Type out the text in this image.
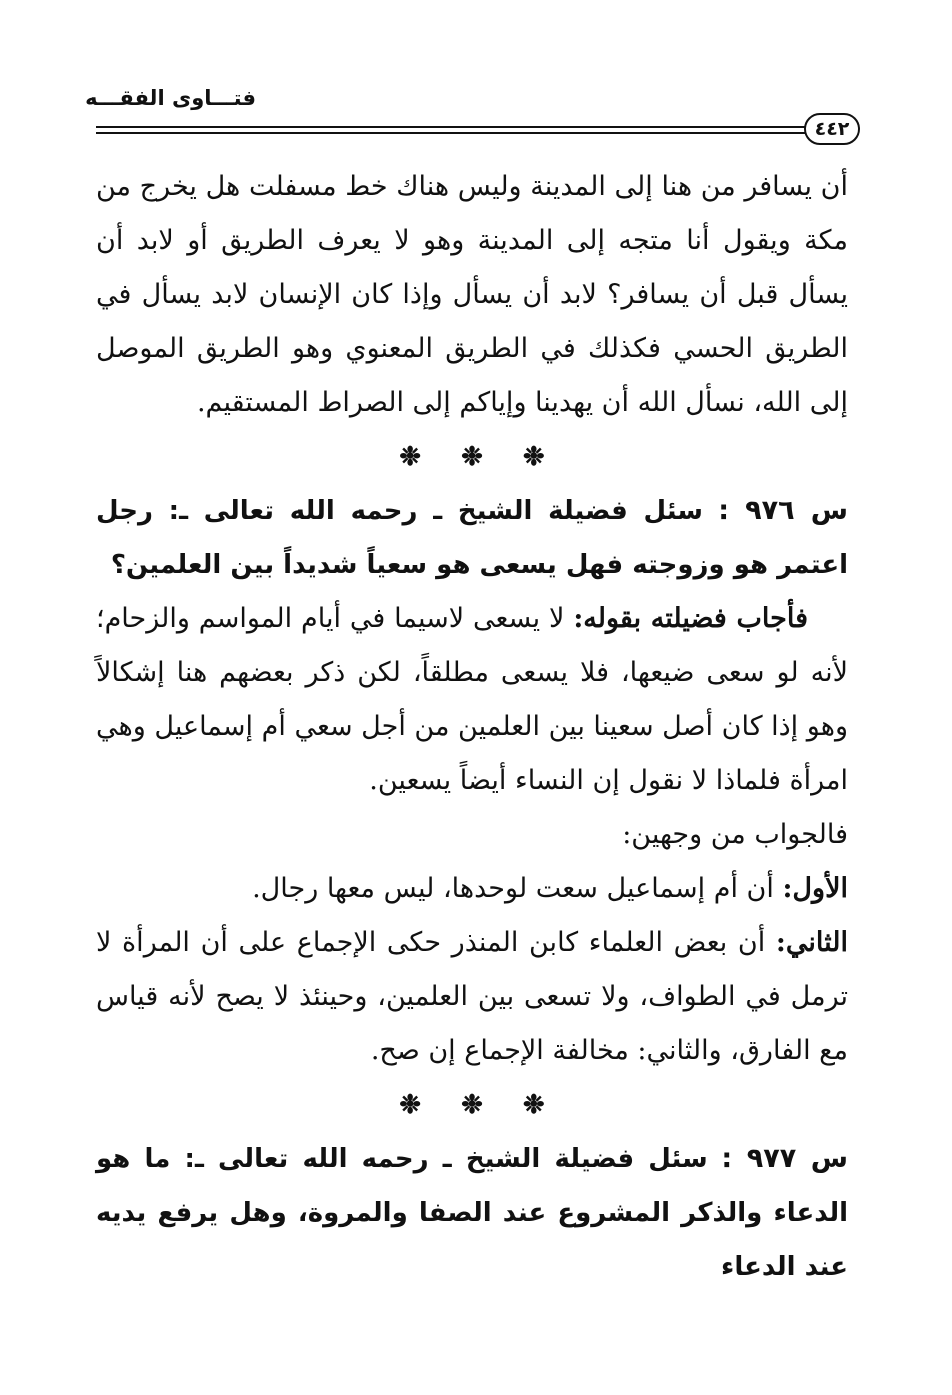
فتـــاوى الفقـــه
٤٤٢

أن يسافر من هنا إلى المدينة وليس هناك خط مسفلت هل يخرج من مكة ويقول أنا متجه إلى المدينة وهو لا يعرف الطريق أو لابد أن يسأل قبل أن يسافر؟ لابد أن يسأل وإذا كان الإنسان لابد يسأل في الطريق الحسي فكذلك في الطريق المعنوي وهو الطريق الموصل إلى الله، نسأل الله أن يهدينا وإياكم إلى الصراط المستقيم.

❉ ❉ ❉

س ٩٧٦ : سئل فضيلة الشيخ ـ رحمه الله تعالى ـ: رجل اعتمر هو وزوجته فهل يسعى هو سعياً شديداً بين العلمين؟

فأجاب فضيلته بقوله: لا يسعى لاسيما في أيام المواسم والزحام؛ لأنه لو سعى ضيعها، فلا يسعى مطلقاً، لكن ذكر بعضهم هنا إشكالاً وهو إذا كان أصل سعينا بين العلمين من أجل سعي أم إسماعيل وهي امرأة فلماذا لا نقول إن النساء أيضاً يسعين.

فالجواب من وجهين:

الأول: أن أم إسماعيل سعت لوحدها، ليس معها رجال.

الثاني: أن بعض العلماء كابن المنذر حكى الإجماع على أن المرأة لا ترمل في الطواف، ولا تسعى بين العلمين، وحينئذ لا يصح لأنه قياس مع الفارق، والثاني: مخالفة الإجماع إن صح.

❉ ❉ ❉

س ٩٧٧ : سئل فضيلة الشيخ ـ رحمه الله تعالى ـ: ما هو الدعاء والذكر المشروع عند الصفا والمروة، وهل يرفع يديه عند الدعاء
